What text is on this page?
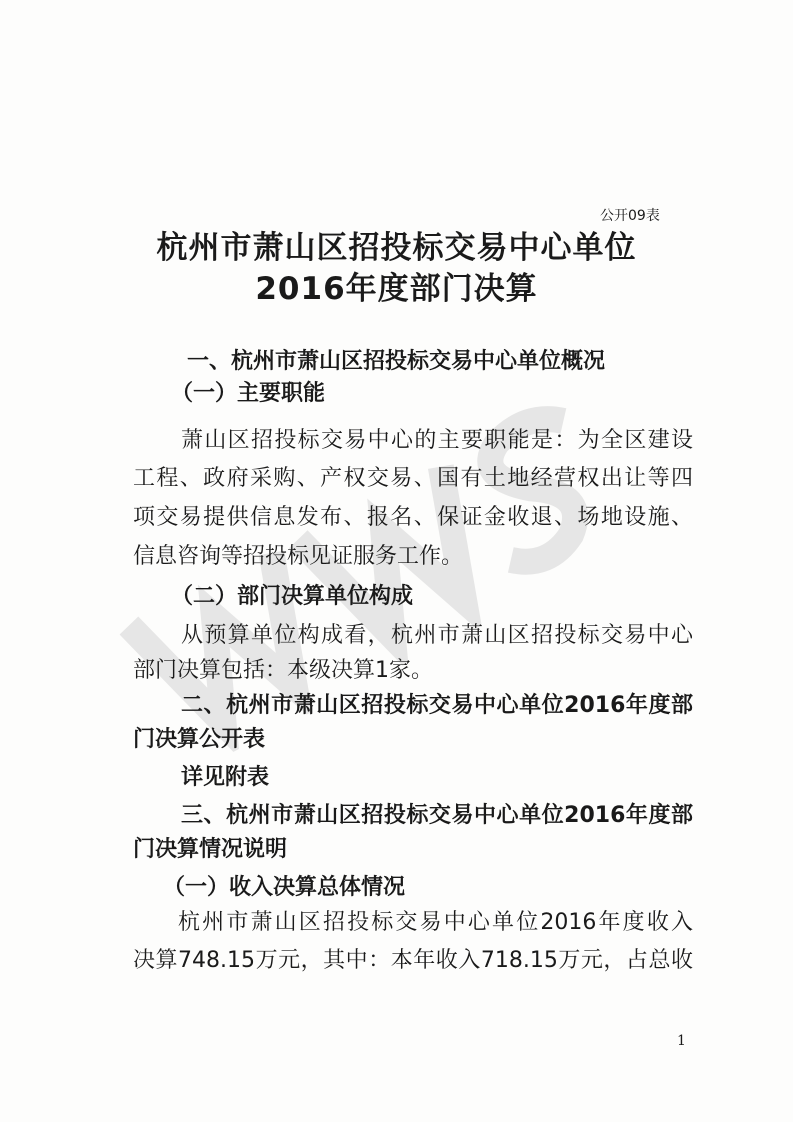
公开09表
杭州市萧山区招投标交易中心单位
2016年度部门决算
一、杭州市萧山区招投标交易中心单位概况
（一）主要职能
萧山区招投标交易中心的主要职能是：为全区建设
工程、政府采购、产权交易、国有土地经营权出让等四
项交易提供信息发布、报名、保证金收退、场地设施、
信息咨询等招投标见证服务工作。
（二）部门决算单位构成
从预算单位构成看，杭州市萧山区招投标交易中心
部门决算包括：本级决算1家。
二、杭州市萧山区招投标交易中心单位2016年度部
门决算公开表
详见附表
三、杭州市萧山区招投标交易中心单位2016年度部
门决算情况说明
（一）收入决算总体情况
杭州市萧山区招投标交易中心单位2016年度收入
决算748.15万元，其中：本年收入718.15万元，占总收
1
